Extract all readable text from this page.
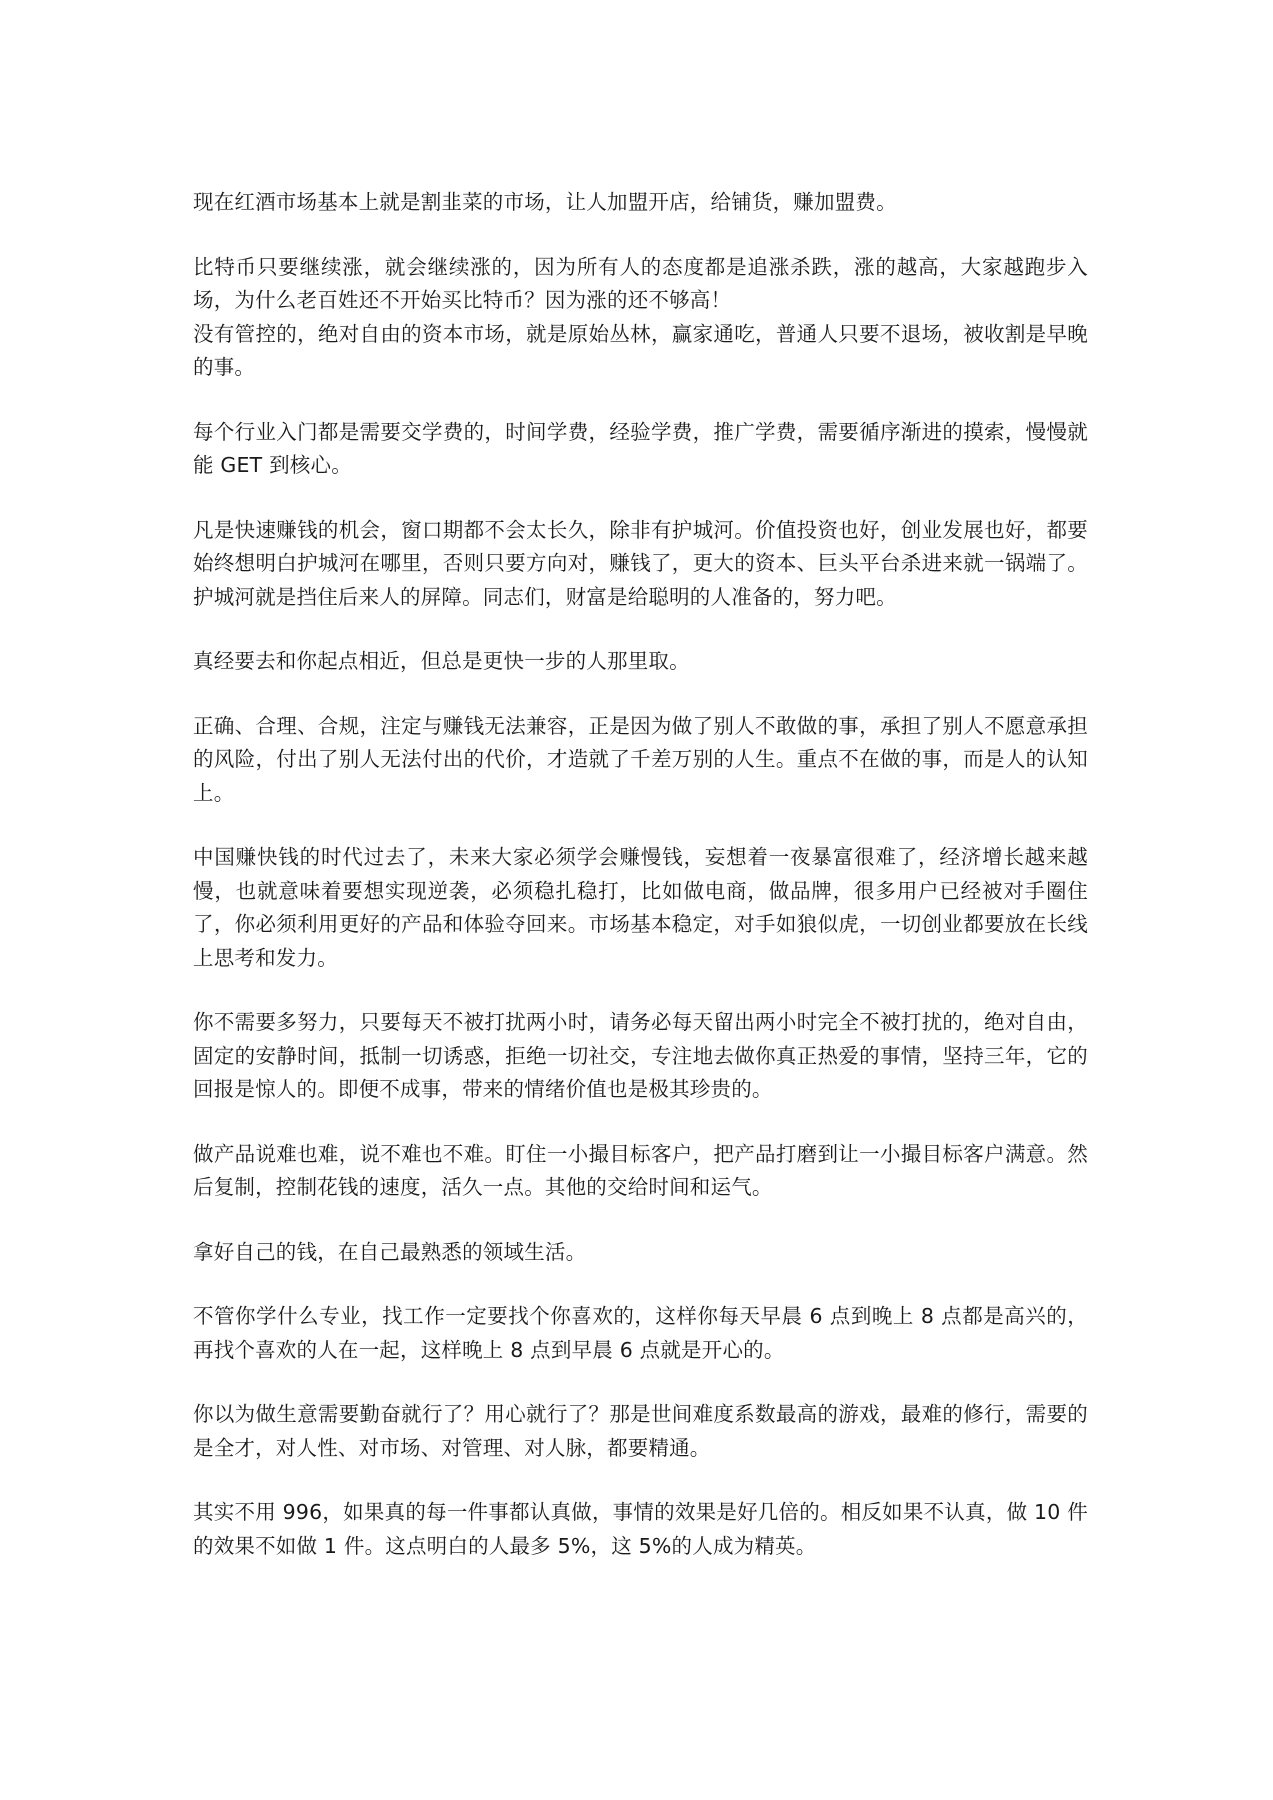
现在红酒市场基本上就是割韭菜的市场，让人加盟开店，给铺货，赚加盟费。

比特币只要继续涨，就会继续涨的，因为所有人的态度都是追涨杀跌，涨的越高，大家越跑步入场，为什么老百姓还不开始买比特币？因为涨的还不够高！

没有管控的，绝对自由的资本市场，就是原始丛林，赢家通吃，普通人只要不退场，被收割是早晚的事。

每个行业入门都是需要交学费的，时间学费，经验学费，推广学费，需要循序渐进的摸索，慢慢就能 GET 到核心。

凡是快速赚钱的机会，窗口期都不会太长久，除非有护城河。价值投资也好，创业发展也好，都要始终想明白护城河在哪里，否则只要方向对，赚钱了，更大的资本、巨头平台杀进来就一锅端了。护城河就是挡住后来人的屏障。同志们，财富是给聪明的人准备的，努力吧。

真经要去和你起点相近，但总是更快一步的人那里取。

正确、合理、合规，注定与赚钱无法兼容，正是因为做了别人不敢做的事，承担了别人不愿意承担的风险，付出了别人无法付出的代价，才造就了千差万别的人生。重点不在做的事，而是人的认知上。

中国赚快钱的时代过去了，未来大家必须学会赚慢钱，妄想着一夜暴富很难了，经济增长越来越慢，也就意味着要想实现逆袭，必须稳扎稳打，比如做电商，做品牌，很多用户已经被对手圈住了，你必须利用更好的产品和体验夺回来。市场基本稳定，对手如狼似虎，一切创业都要放在长线上思考和发力。

你不需要多努力，只要每天不被打扰两小时，请务必每天留出两小时完全不被打扰的，绝对自由，固定的安静时间，抵制一切诱惑，拒绝一切社交，专注地去做你真正热爱的事情，坚持三年，它的回报是惊人的。即便不成事，带来的情绪价值也是极其珍贵的。

做产品说难也难，说不难也不难。盯住一小撮目标客户，把产品打磨到让一小撮目标客户满意。然后复制，控制花钱的速度，活久一点。其他的交给时间和运气。

拿好自己的钱，在自己最熟悉的领域生活。

不管你学什么专业，找工作一定要找个你喜欢的，这样你每天早晨 6 点到晚上 8 点都是高兴的，再找个喜欢的人在一起，这样晚上 8 点到早晨 6 点就是开心的。

你以为做生意需要勤奋就行了？用心就行了？那是世间难度系数最高的游戏，最难的修行，需要的是全才，对人性、对市场、对管理、对人脉，都要精通。

其实不用 996，如果真的每一件事都认真做，事情的效果是好几倍的。相反如果不认真，做 10 件的效果不如做 1 件。这点明白的人最多 5%，这 5%的人成为精英。
